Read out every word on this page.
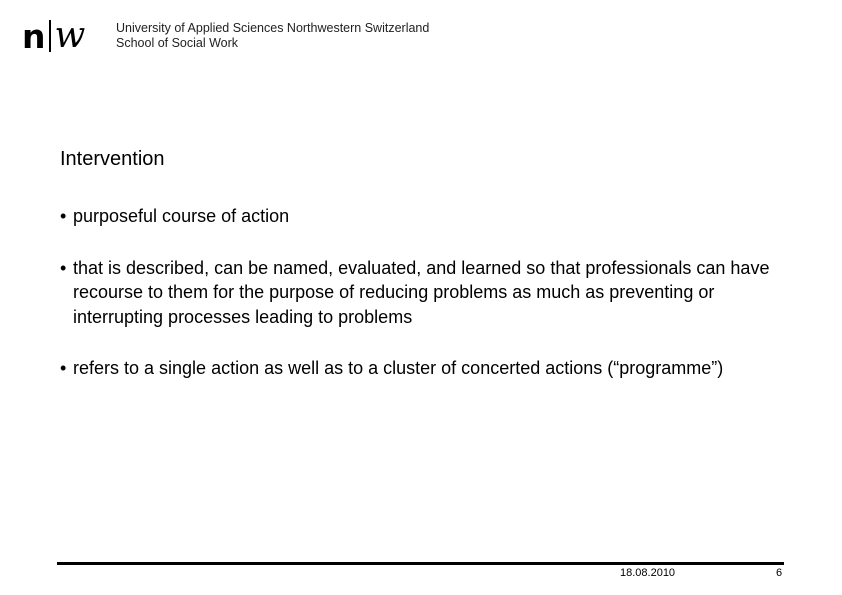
n w University of Applied Sciences Northwestern Switzerland
School of Social Work
Intervention
• purposeful course of action
• that is described, can be named, evaluated, and learned so that professionals can have recourse to them for the purpose of reducing problems as much as preventing or interrupting processes leading to problems
• refers to a single action as well as to a cluster of concerted actions (“programme”)
18.08.2010	6
